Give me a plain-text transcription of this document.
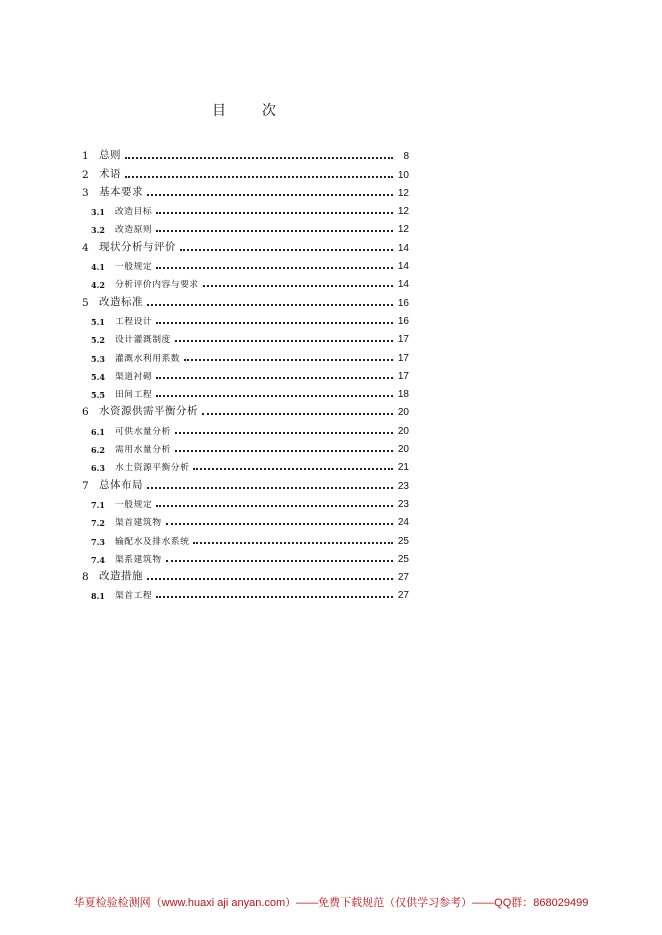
目 次
1 总则	8
2 术语	10
3 基本要求	12
3.1	改造目标	12
3.2	改造原则	12
4 现状分析与评价	14
4.1	一般规定	14
4.2	分析评价内容与要求	14
5 改造标准	16
5.1	工程设计	16
5.2	设计灌溉制度	17
5.3	灌溉水利用系数	17
5.4	渠道衬砌	17
5.5	田间工程	18
6 水资源供需平衡分析	20
6.1	可供水量分析	20
6.2	需用水量分析	20
6.3	水土资源平衡分析	21
7 总体布局	23
7.1	一般规定	23
7.2	渠首建筑物	24
7.3	输配水及排水系统	25
7.4	渠系建筑物	25
8 改造措施	27
8.1	渠首工程	27
华夏检验检测网（www.huaxi aji anyan.com）——免费下载规范（仅供学习参考）——QQ群：868029499
